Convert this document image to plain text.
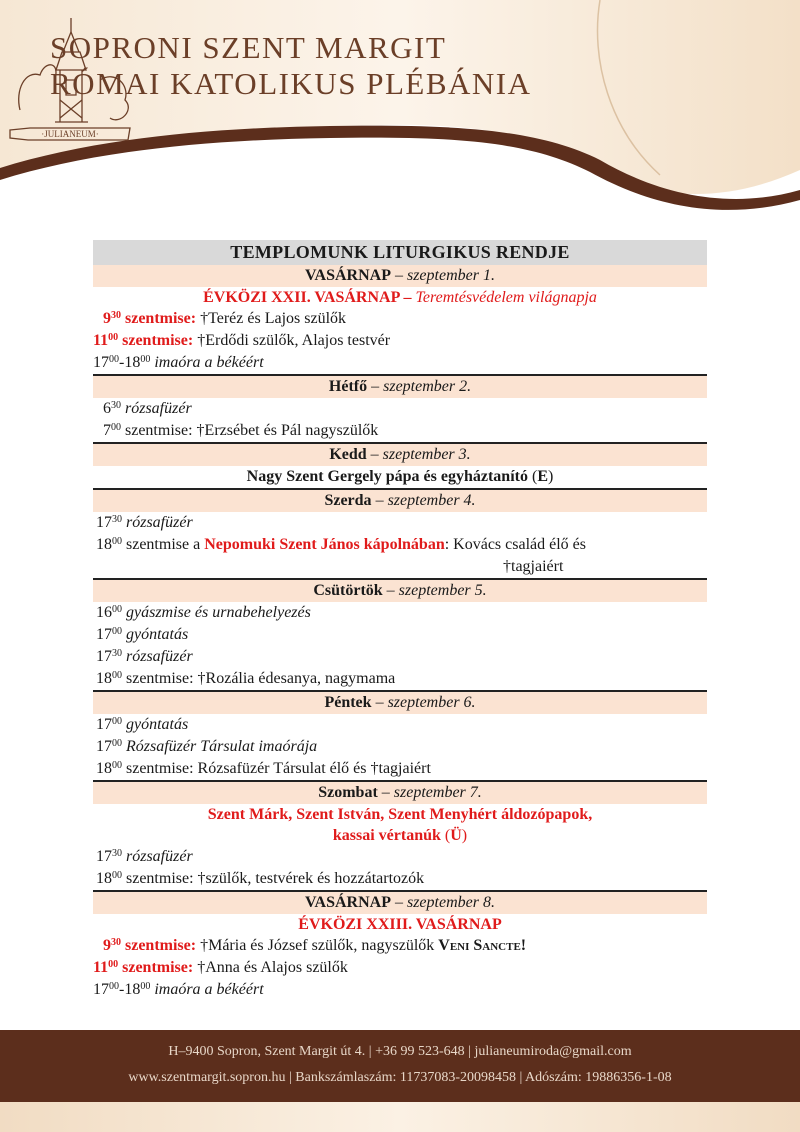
SOPRONI SZENT MARGIT
RÓMAI KATOLIKUS PLÉBÁNIA
·JULIANEUM·
TEMPLOMUNK LITURGIKUS RENDJE
VASÁRNAP – szeptember 1.
ÉVKÖZI XXII. VASÁRNAP – Teremtésvédelem világnapja
$9^{30}$ szentmise: †Teréz és Lajos szülők
$11^{00}$ szentmise: †Erdődi szülők, Alajos testvér
$17^{00}-18^{00}$ imaóra a békéért
Hétfő – szeptember 2.
$6^{30}$ rózsafüzér
$7^{00}$ szentmise: †Erzsébet és Pál nagyszülők
Kedd – szeptember 3.
Nagy Szent Gergely pápa és egyháztanító (E)
Szerda – szeptember 4.
$17^{30}$ rózsafüzér
$18^{00}$ szentmise a Nepomuki Szent János kápolnában: Kovács család élő és
†tagjaiért
Csütörtök – szeptember 5.
$16^{00}$ gyászmise és urnabehelyezés
$17^{00}$ gyóntatás
$17^{30}$ rózsafüzér
$18^{00}$ szentmise: †Rozália édesanya, nagymama
Péntek – szeptember 6.
$17^{00}$ gyóntatás
$17^{00}$ Rózsafüzér Társulat imaórája
$18^{00}$ szentmise: Rózsafüzér Társulat élő és †tagjaiért
Szombat – szeptember 7.
Szent Márk, Szent István, Szent Menyhért áldozópapok,
kassai vértanúk (Ü)
$17^{30}$ rózsafüzér
$18^{00}$ szentmise: †szülők, testvérek és hozzátartozók
VASÁRNAP – szeptember 8.
ÉVKÖZI XXIII. VASÁRNAP
$9^{30}$ szentmise: †Mária és József szülők, nagyszülők Veni Sancte!
$11^{00}$ szentmise: †Anna és Alajos szülők
$17^{00}-18^{00}$ imaóra a békéért
H–9400 Sopron, Szent Margit út 4. | +36 99 523-648 | julianeumiroda@gmail.com
www.szentmargit.sopron.hu | Bankszámlaszám: 11737083-20098458 | Adószám: 19886356-1-08
